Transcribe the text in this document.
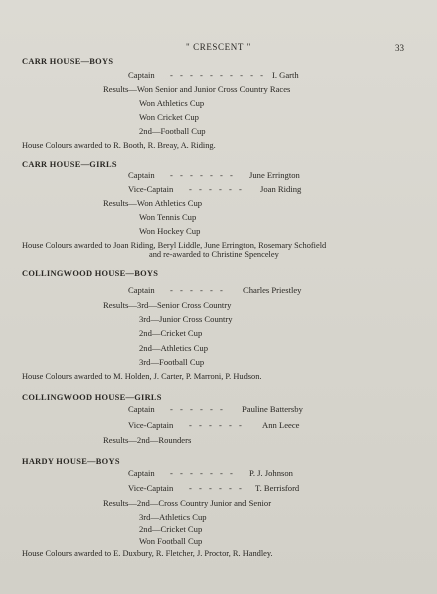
" CRESCENT "	33
CARR HOUSE—BOYS
Captain - - - - - - - - - - I. Garth
Results—Won Senior and Junior Cross Country Races
Won Athletics Cup
Won Cricket Cup
2nd—Football Cup
House Colours awarded to R. Booth, R. Breay, A. Riding.
CARR HOUSE—GIRLS
Captain - - - - - - - June Errington
Vice-Captain - - - - - - Joan Riding
Results—Won Athletics Cup
Won Tennis Cup
Won Hockey Cup
House Colours awarded to Joan Riding, Beryl Liddle, June Errington, Rosemary Schofield
and re-awarded to Christine Spenceley
COLLINGWOOD HOUSE—BOYS
Captain - - - - - - Charles Priestley
Results—3rd—Senior Cross Country
3rd—Junior Cross Country
2nd—Cricket Cup
2nd—Athletics Cup
3rd—Football Cup
House Colours awarded to M. Holden, J. Carter, P. Marroni, P. Hudson.
COLLINGWOOD HOUSE—GIRLS
Captain - - - - - - Pauline Battersby
Vice-Captain - - - - - - Ann Leece
Results—2nd—Rounders
HARDY HOUSE—BOYS
Captain - - - - - - - P. J. Johnson
Vice-Captain - - - - - - T. Berrisford
Results—2nd—Cross Country Junior and Senior
3rd—Athletics Cup
2nd—Cricket Cup
Won Football Cup
House Colours awarded to E. Duxbury, R. Fletcher, J. Proctor, R. Handley.
